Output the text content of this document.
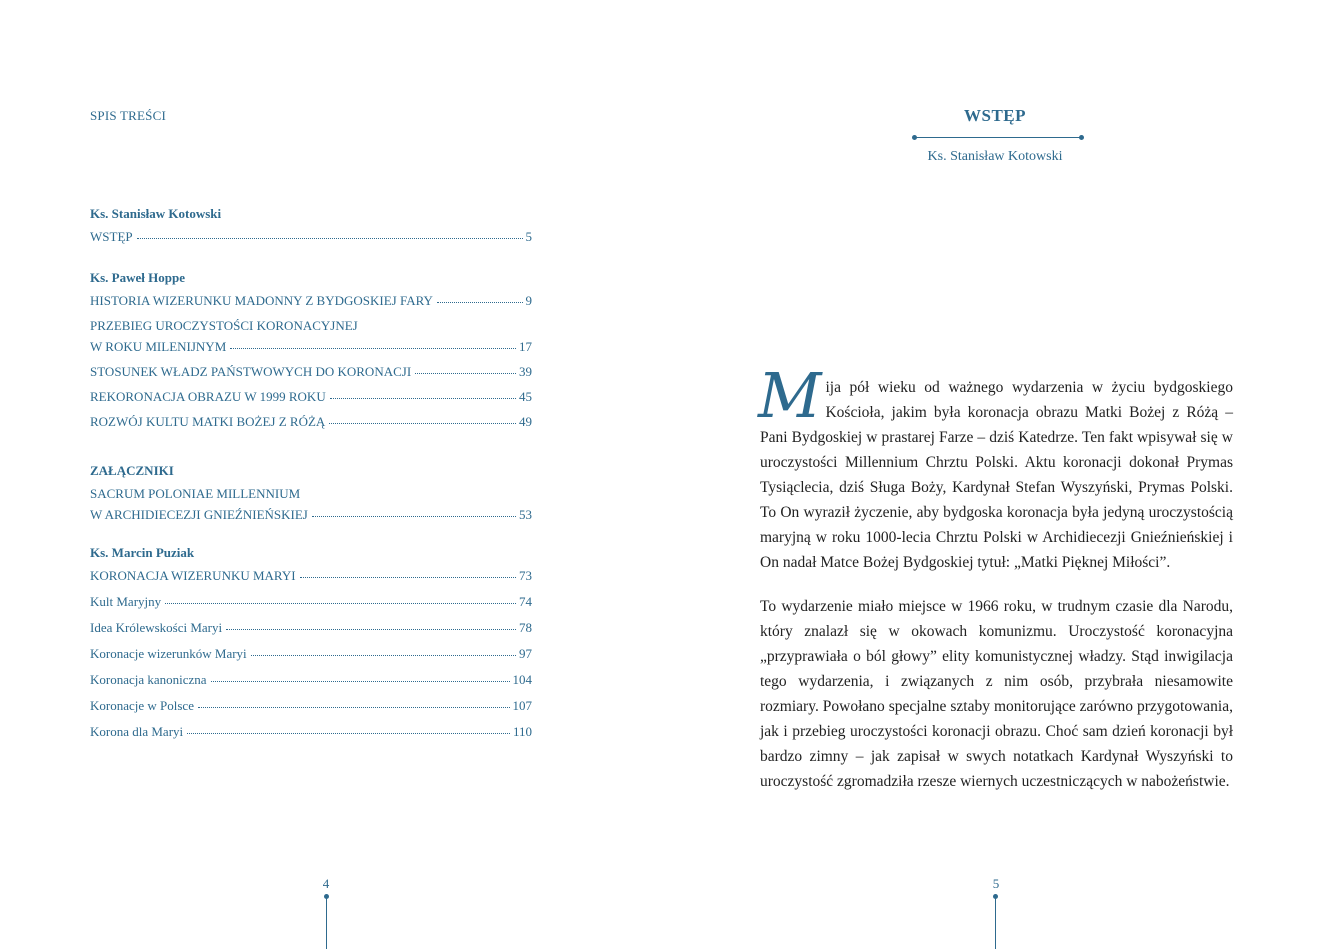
SPIS TREŚCI
Ks. Stanisław Kotowski
WSTĘP	5
Ks. Paweł Hoppe
HISTORIA WIZERUNKU MADONNY Z BYDGOSKIEJ FARY	9
PRZEBIEG UROCZYSTOŚCI KORONACYJNEJ
W ROKU MILENIJNYM	17
STOSUNEK WŁADZ PAŃSTWOWYCH DO KORONACJI	39
REKORONACJA OBRAZU W 1999 ROKU	45
ROZWÓJ KULTU MATKI BOŻEJ Z RÓŻĄ	49
ZAŁĄCZNIKI
SACRUM POLONIAE MILLENNIUM
W ARCHIDIECEZJI GNIEŹNIEŃSKIEJ	53
Ks. Marcin Puziak
KORONACJA WIZERUNKU MARYI	73
Kult Maryjny	74
Idea Królewskości Maryi	78
Koronacje wizerunków Maryi	97
Koronacja kanoniczna	104
Koronacje w Polsce	107
Korona dla Maryi	110
4
WSTĘP
Ks. Stanisław Kotowski

Mija pół wieku od ważnego wydarzenia w życiu bydgoskiego Kościoła, jakim była koronacja obrazu Matki Bożej z Różą – Pani Bydgoskiej w prastarej Farze – dziś Katedrze. Ten fakt wpisywał się w uroczystości Millennium Chrztu Polski. Aktu koronacji dokonał Prymas Tysiąclecia, dziś Sługa Boży, Kardynał Stefan Wyszyński, Prymas Polski. To On wyraził życzenie, aby bydgoska koronacja była jedyną uroczystością maryjną w roku 1000-lecia Chrztu Polski w Archidiecezji Gnieźnieńskiej i On nadał Matce Bożej Bydgoskiej tytuł: „Matki Pięknej Miłości”.

To wydarzenie miało miejsce w 1966 roku, w trudnym czasie dla Narodu, który znalazł się w okowach komunizmu. Uroczystość koronacyjna „przyprawiała o ból głowy” elity komunistycznej władzy. Stąd inwigilacja tego wydarzenia, i związanych z nim osób, przybrała niesamowite rozmiary. Powołano specjalne sztaby monitorujące zarówno przygotowania, jak i przebieg uroczystości koronacji obrazu. Choć sam dzień koronacji był bardzo zimny – jak zapisał w swych notatkach Kardynał Wyszyński to uroczystość zgromadziła rzesze wiernych uczestniczących w nabożeństwie.

5
